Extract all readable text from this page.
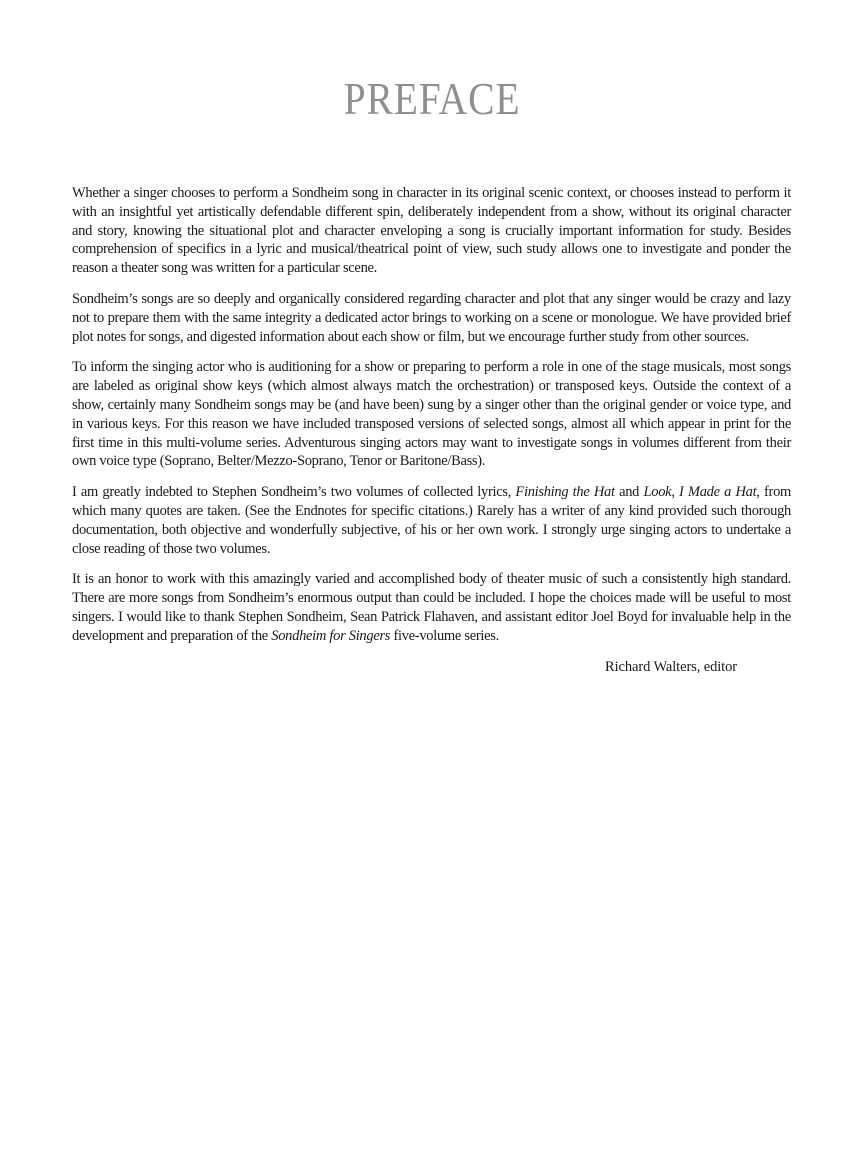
PREFACE

Whether a singer chooses to perform a Sondheim song in character in its original scenic context, or chooses instead to perform it with an insightful yet artistically defendable different spin, deliberately independent from a show, without its original character and story, knowing the situational plot and character enveloping a song is crucially important information for study. Besides comprehension of specifics in a lyric and musical/theatrical point of view, such study allows one to investigate and ponder the reason a theater song was written for a particular scene.

Sondheim’s songs are so deeply and organically considered regarding character and plot that any singer would be crazy and lazy not to prepare them with the same integrity a dedicated actor brings to working on a scene or monologue. We have provided brief plot notes for songs, and digested information about each show or film, but we encourage further study from other sources.

To inform the singing actor who is auditioning for a show or preparing to perform a role in one of the stage musicals, most songs are labeled as original show keys (which almost always match the orchestration) or transposed keys. Outside the context of a show, certainly many Sondheim songs may be (and have been) sung by a singer other than the original gender or voice type, and in various keys. For this reason we have included transposed versions of selected songs, almost all which appear in print for the first time in this multi-volume series. Adventurous singing actors may want to investigate songs in volumes different from their own voice type (Soprano, Belter/Mezzo-Soprano, Tenor or Baritone/Bass).

I am greatly indebted to Stephen Sondheim’s two volumes of collected lyrics, Finishing the Hat and Look, I Made a Hat, from which many quotes are taken. (See the Endnotes for specific citations.) Rarely has a writer of any kind provided such thorough documentation, both objective and wonderfully subjective, of his or her own work. I strongly urge singing actors to undertake a close reading of those two volumes.

It is an honor to work with this amazingly varied and accomplished body of theater music of such a consistently high standard. There are more songs from Sondheim’s enormous output than could be included. I hope the choices made will be useful to most singers. I would like to thank Stephen Sondheim, Sean Patrick Flahaven, and assistant editor Joel Boyd for invaluable help in the development and preparation of the Sondheim for Singers five-volume series.

Richard Walters, editor
